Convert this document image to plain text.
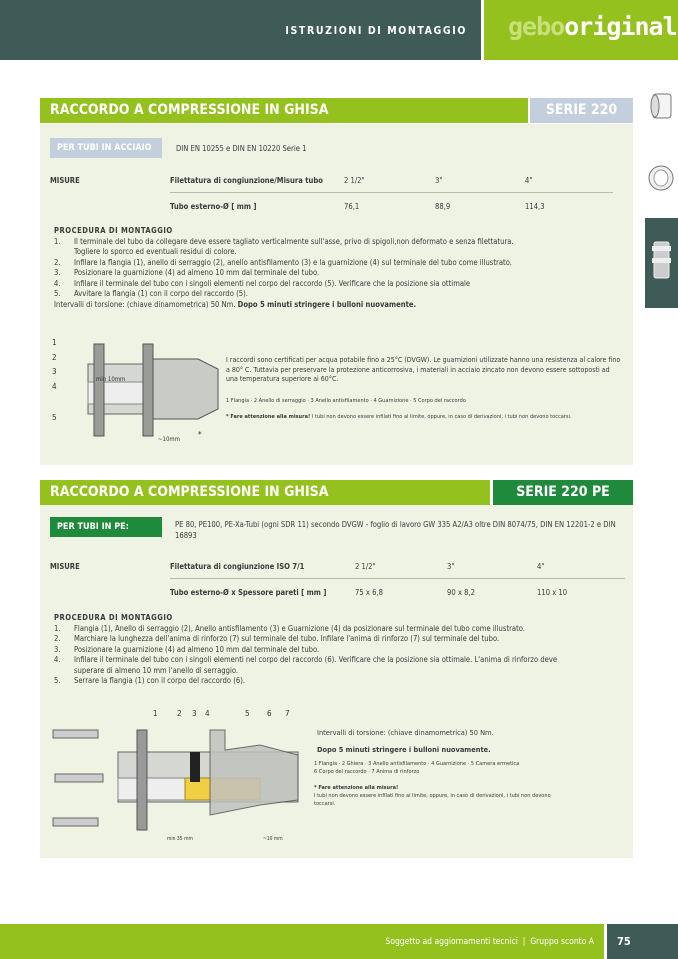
ISTRUZIONI DI MONTAGGIO gebooriginal
RACCORDO A COMPRESSIONE IN GHISA	SERIE 220
PER TUBI IN ACCIAIO	DIN EN 10255 e DIN EN 10220 Serie 1
MISURE	Filettatura di congiunzione/Misura tubo	2 1/2"	3"	4"
Tubo esterno-Ø [ mm ]	76,1	88,9	114,3
PROCEDURA DI MONTAGGIO
1.	Il terminale del tubo da collegare deve essere tagliato verticalmente sull'asse, privo di spigoli,non deformato e senza filettatura.
Togliere lo sporco ed eventuali residui di colore.
2.	Infilare la flangia (1), anello di serraggio (2), anello antisfilamento (3) e la guarnizione (4) sul terminale del tubo come illustrato.
3.	Posizionare la guarnizione (4) ad almeno 10 mm dal terminale del tubo.
4.	Infilare il terminale del tubo con i singoli elementi nel corpo del raccordo (5). Verificare che la posizione sia ottimale
5.	Avvitare la flangia (1) con il corpo del raccordo (5).
Intervalli di torsione: (chiave dinamometrica) 50 Nm. Dopo 5 minuti stringere i bulloni nuovamente.
1
2
3
4
5
min 10mm
~10mm
*
I raccordi sono certificati per acqua potabile fino a 25°C (DVGW). Le guarnizioni utilizzate hanno una resistenza al calore fino a 80° C. Tuttavia per preservare la protezione anticorrosiva, i materiali in acciaio zincato non devono essere sottoposti ad una temperatura superiore ai 60°C.
1 Flangia · 2 Anello di serraggio · 3 Anello antisfilamento · 4 Guarnizione · 5 Corpo del raccordo
* Fare attenzione alla misura! I tubi non devono essere infilati fino al limite, oppure, in caso di derivazioni, i tubi non devono toccarsi.
RACCORDO A COMPRESSIONE IN GHISA	SERIE 220 PE
PER TUBI IN PE:	PE 80, PE100, PE-Xa-Tubi (ogni SDR 11) secondo DVGW - foglio di lavoro GW 335 A2/A3 oltre DIN 8074/75, DIN EN 12201-2 e DIN 16893
MISURE	Filettatura di congiunzione ISO 7/1	2 1/2"	3"	4"
Tubo esterno-Ø x Spessore pareti [ mm ]	75 x 6,8	90 x 8,2	110 x 10
PROCEDURA DI MONTAGGIO
1.	Flangia (1), Anello di serraggio (2), Anello antisfilamento (3) e Guarnizione (4) da posizionare sul terminale del tubo come illustrato.
2.	Marchiare la lunghezza dell'anima di rinforzo (7) sul terminale del tubo. Infilare l'anima di rinforzo (7) sul terminale del tubo.
3.	Posizionare la guarnizione (4) ad almeno 10 mm dal terminale del tubo.
4.	Infilare il terminale del tubo con i singoli elementi nel corpo del raccordo (6). Verificare che la posizione sia ottimale. L'anima di rinforzo deve
superare di almeno 10 mm l'anello di serraggio.
5.	Serrare la flangia (1) con il corpo del raccordo (6).
1 2 3 4	5 6 7
min 35 mm	~10 mm
Intervalli di torsione: (chiave dinamometrica) 50 Nm.
Dopo 5 minuti stringere i bulloni nuovamente.
1 Flangia · 2 Ghiera · 3 Anello antisfilamento · 4 Guarnizione · 5 Camera ermetica
6 Corpo del raccordo · 7 Anima di rinforzo
* Fare attenzione alla misura!
I tubi non devono essere infilati fino al limite, oppure, in caso di derivazioni, i tubi non devono toccarsi.
Soggetto ad aggiornamenti tecnici  |  Gruppo sconto A 75
